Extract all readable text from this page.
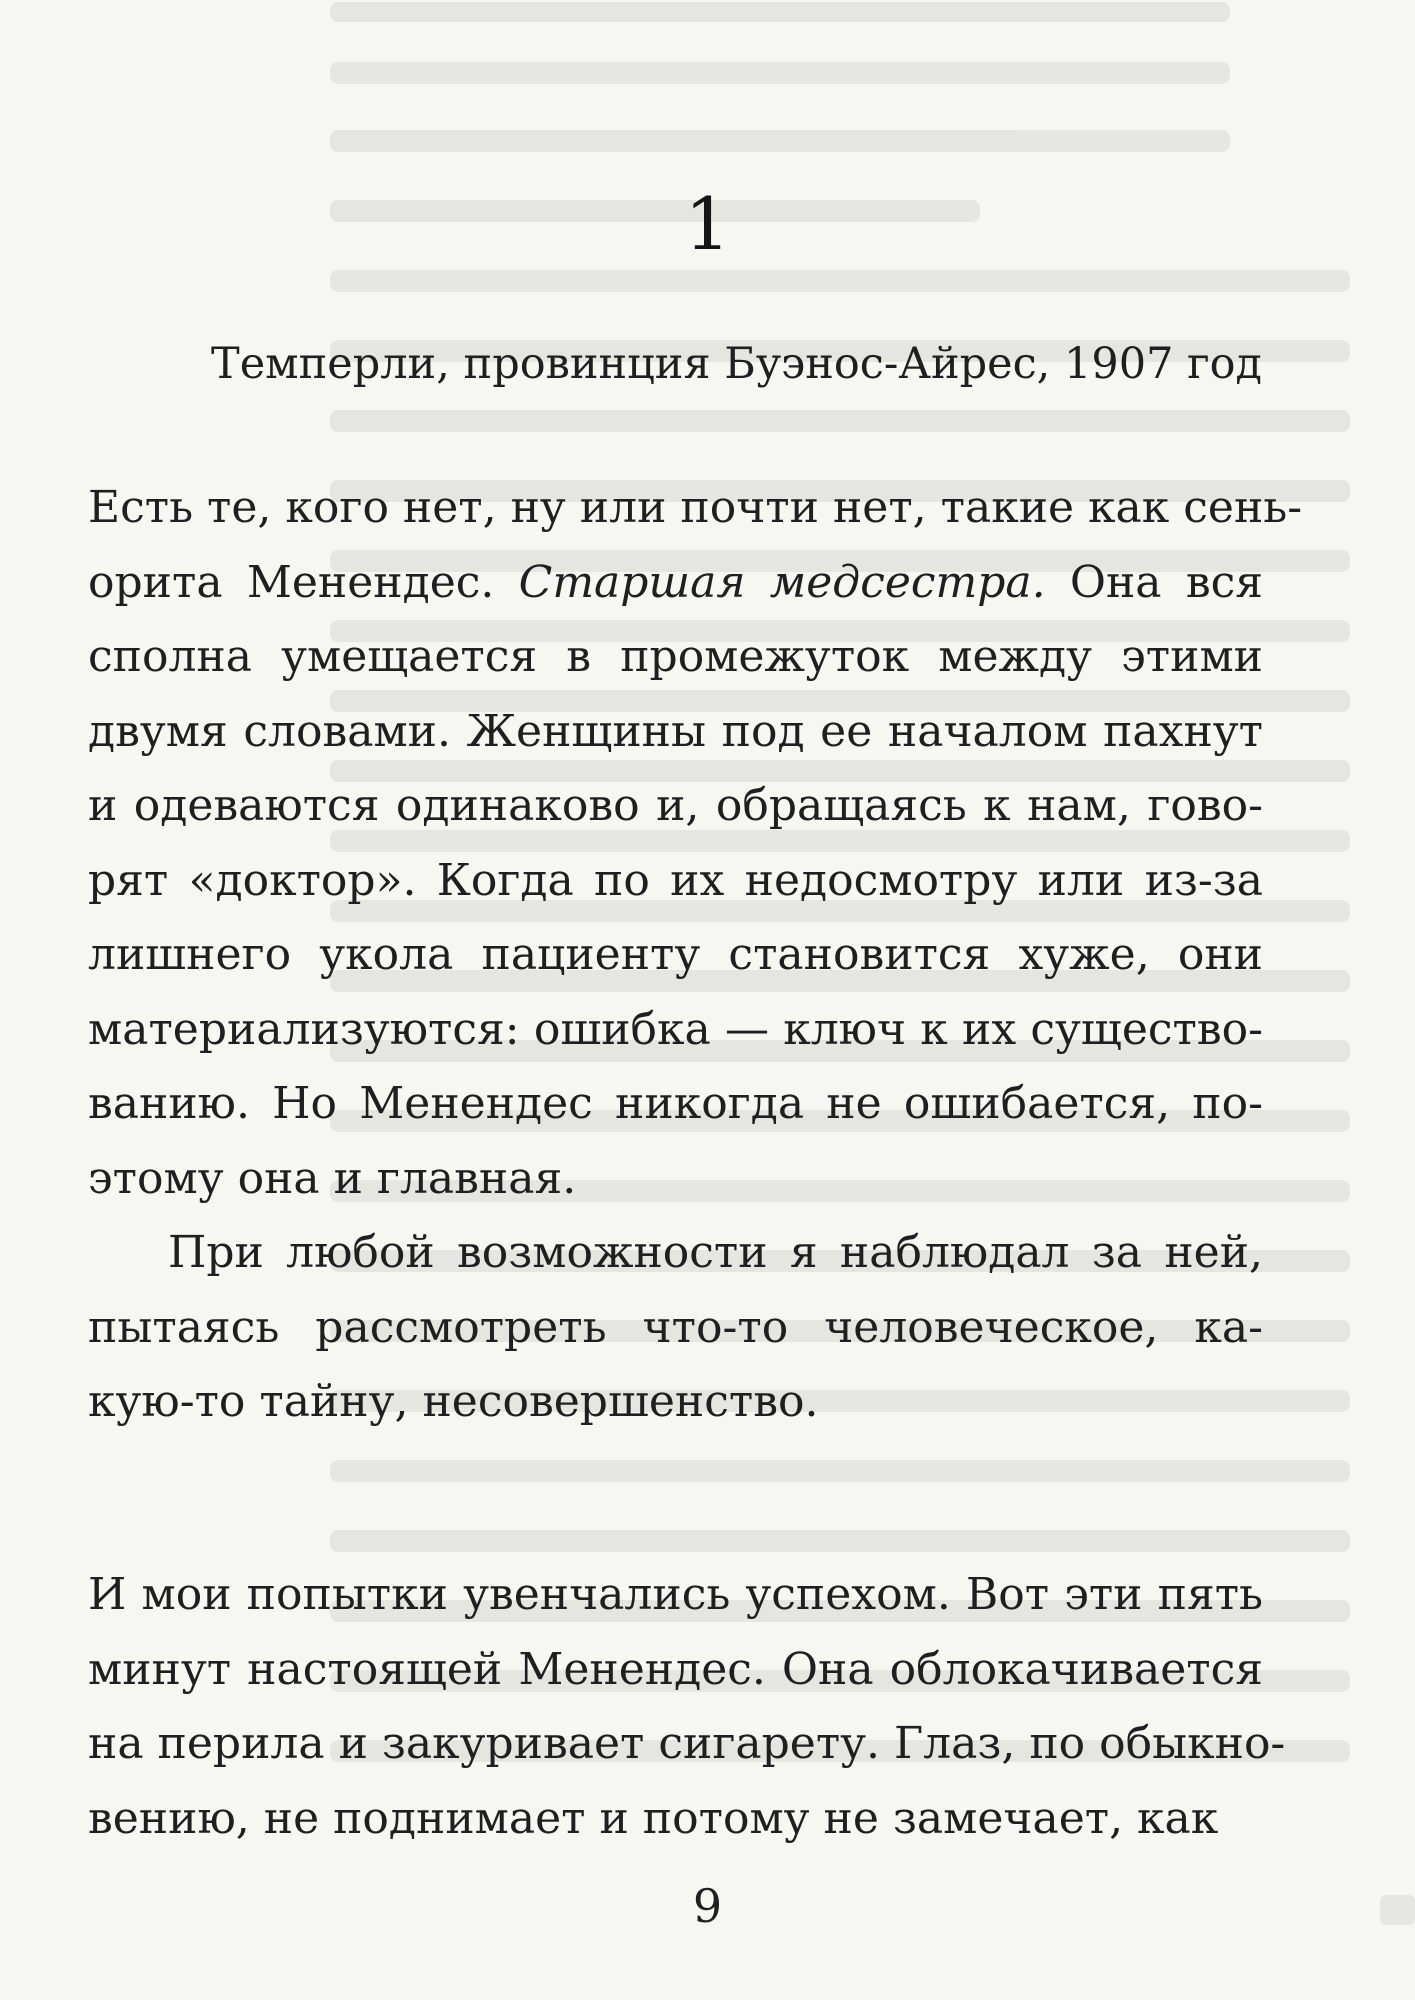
1
Темперли, провинция Буэнос-Айрес, 1907 год
Есть те, кого нет, ну или почти нет, такие как сень-
орита Менендес. Старшая медсестра. Она вся
сполна умещается в промежуток между этими
двумя словами. Женщины под ее началом пахнут
и одеваются одинаково и, обращаясь к нам, гово-
рят «доктор». Когда по их недосмотру или из-за
лишнего укола пациенту становится хуже, они
материализуются: ошибка — ключ к их существо-
ванию. Но Менендес никогда не ошибается, по-
этому она и главная.
При любой возможности я наблюдал за ней,
пытаясь рассмотреть что-то человеческое, ка-
кую-то тайну, несовершенство.
И мои попытки увенчались успехом. Вот эти пять
минут настоящей Менендес. Она облокачивается
на перила и закуривает сигарету. Глаз, по обыкно-
вению, не поднимает и потому не замечает, как
9
